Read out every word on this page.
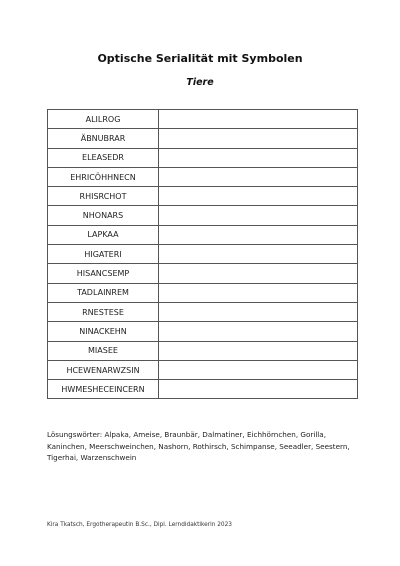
Optische Serialität mit Symbolen
Tiere
ALILROG	
ÄBNUBRAR	
ELEASEDR	
EHRICÖHHNECN	
RHISRCHOT	
NHONARS	
LAPKAA	
HIGATERI	
HISANCSEMP	
TADLAINREM	
RNESTESE	
NINACKEHN	
MIASEE	
HCEWENARWZSIN	
HWMESHECEINCERN	
Lösungswörter: Alpaka, Ameise, Braunbär, Dalmatiner, Eichhörnchen, Gorilla, Kaninchen, Meerschweinchen, Nashorn, Rothirsch, Schimpanse, Seeadler, Seestern, Tigerhai, Warzenschwein
Kira Tkatsch, Ergotherapeutin B.Sc., Dipl. Lerndidaktikerin 2023
